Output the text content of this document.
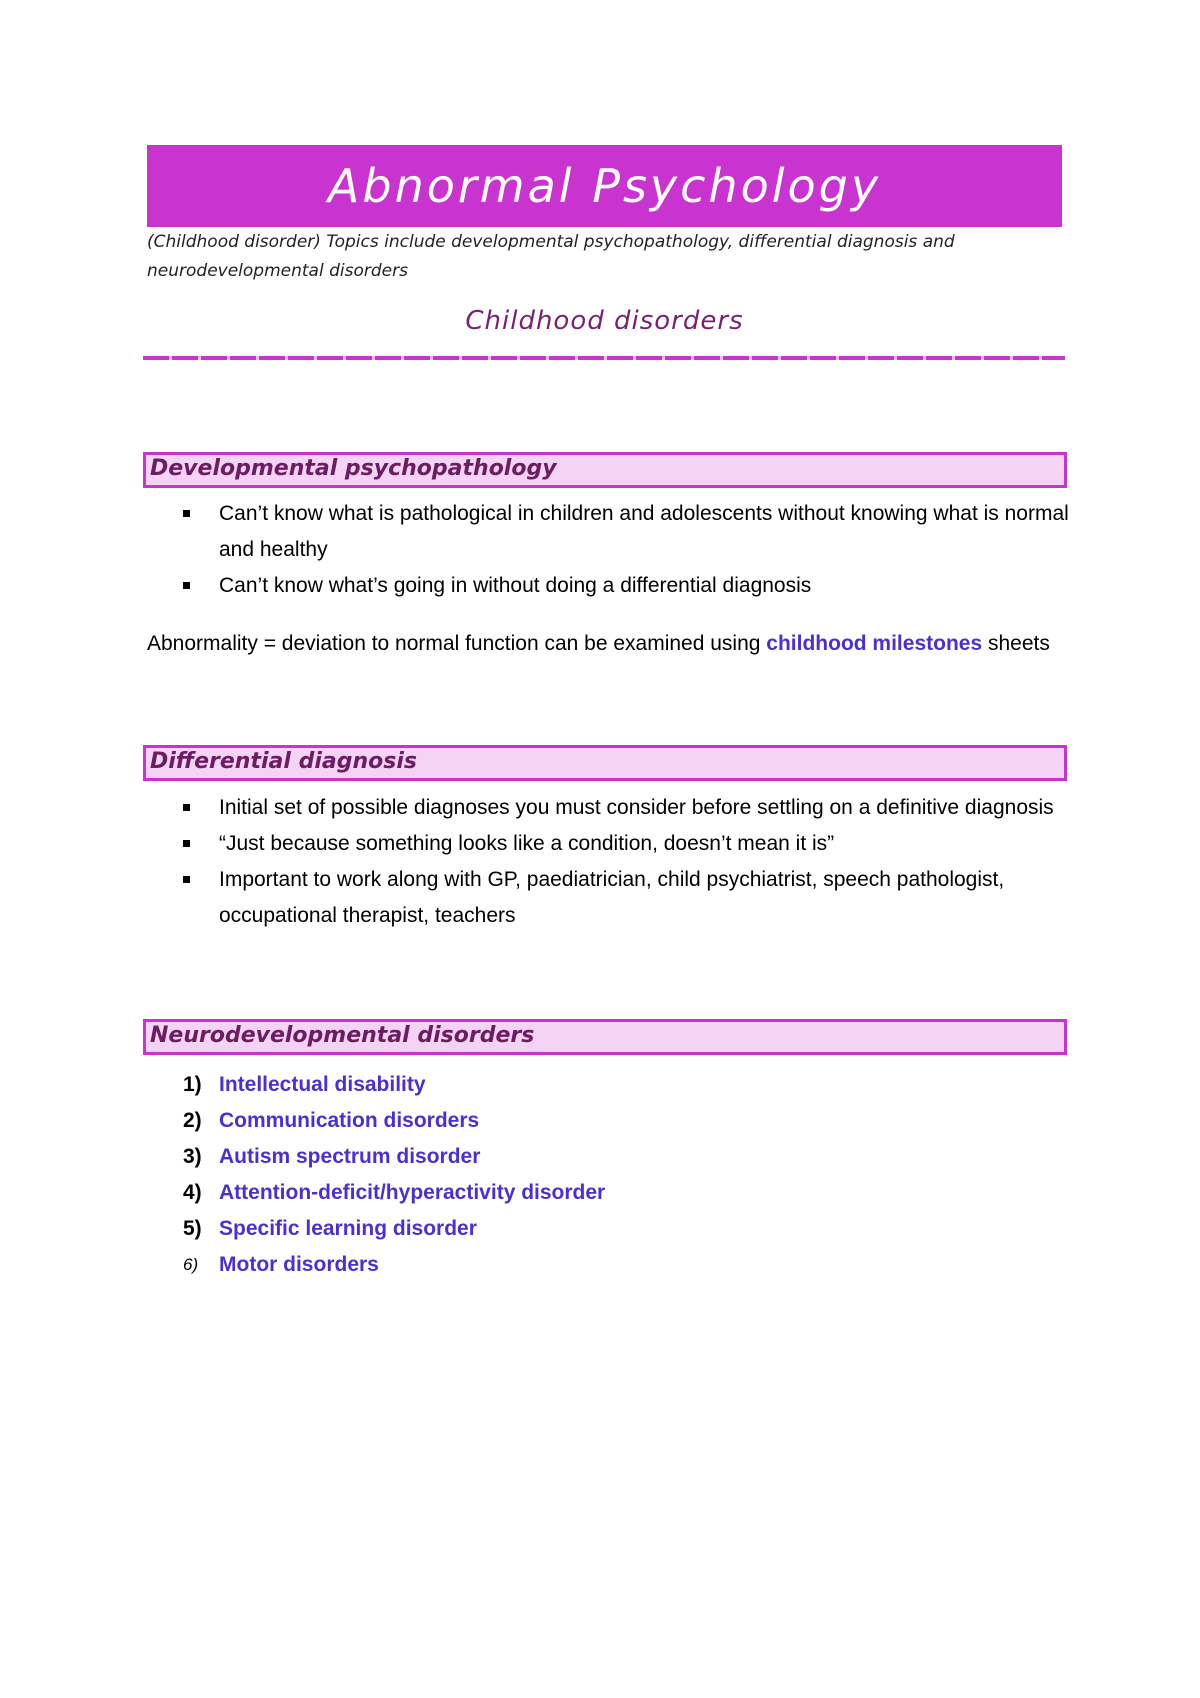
Abnormal Psychology
(Childhood disorder) Topics include developmental psychopathology, differential diagnosis and neurodevelopmental disorders
Childhood disorders
Developmental psychopathology
Can’t know what is pathological in children and adolescents without knowing what is normal and healthy
Can’t know what’s going in without doing a differential diagnosis

Abnormality = deviation to normal function can be examined using childhood milestones sheets

Differential diagnosis
Initial set of possible diagnoses you must consider before settling on a definitive diagnosis
“Just because something looks like a condition, doesn’t mean it is”
Important to work along with GP, paediatrician, child psychiatrist, speech pathologist, occupational therapist, teachers
Neurodevelopmental disorders
1) Intellectual disability
2) Communication disorders
3) Autism spectrum disorder
4) Attention-deficit/hyperactivity disorder
5) Specific learning disorder
6) Motor disorders
